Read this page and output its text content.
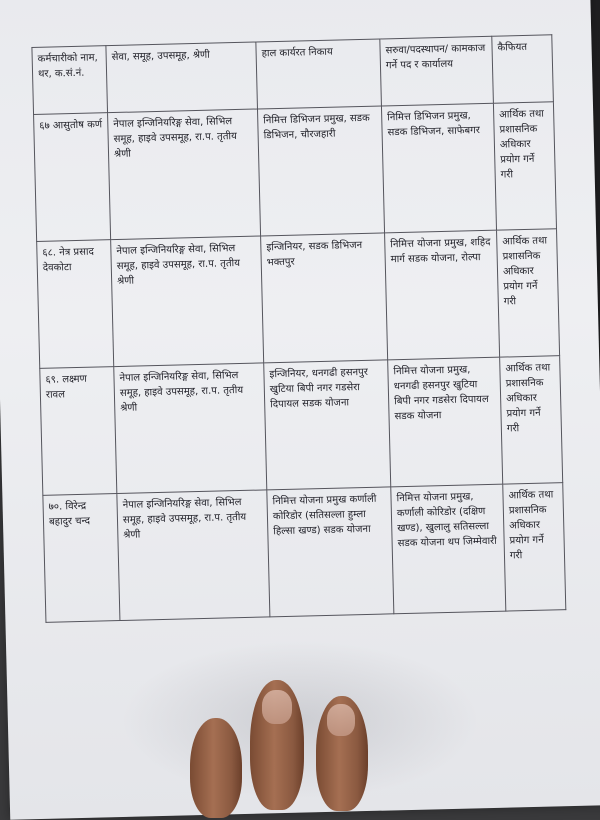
कर्मचारीको नाम, थर, क.सं.नं.	सेवा, समूह, उपसमूह, श्रेणी	हाल कार्यरत निकाय	सरुवा/पदस्थापन/ कामकाज गर्ने पद र कार्यालय	कैफियत
६७ आसुतोष कर्ण	नेपाल इन्जिनियरिङ्ग सेवा, सिभिल समूह, हाइवे उपसमूह, रा.प. तृतीय श्रेणी	निमित्त डिभिजन प्रमुख, सडक डिभिजन, चौरजहारी	निमित्त डिभिजन प्रमुख, सडक डिभिजन, साफेबगर	आर्थिक तथा प्रशासनिक अधिकार प्रयोग गर्ने गरी
६८. नेत्र प्रसाद देवकोटा	नेपाल इन्जिनियरिङ्ग सेवा, सिभिल समूह, हाइवे उपसमूह, रा.प. तृतीय श्रेणी	इन्जिनियर, सडक डिभिजन भक्तपुर	निमित्त योजना प्रमुख, शहिद मार्ग सडक योजना, रोल्पा	आर्थिक तथा प्रशासनिक अधिकार प्रयोग गर्ने गरी
६९. लक्ष्मण रावल	नेपाल इन्जिनियरिङ्ग सेवा, सिभिल समूह, हाइवे उपसमूह, रा.प. तृतीय श्रेणी	इन्जिनियर, धनगढी हसनपुर खुटिया बिपी नगर गडसेरा दिपायल सडक योजना	निमित्त योजना प्रमुख, धनगढी हसनपुर खुटिया बिपी नगर गडसेरा दिपायल सडक योजना	आर्थिक तथा प्रशासनिक अधिकार प्रयोग गर्ने गरी
७०. विरेन्द्र बहादुर चन्द	नेपाल इन्जिनियरिङ्ग सेवा, सिभिल समूह, हाइवे उपसमूह, रा.प. तृतीय श्रेणी	निमित्त योजना प्रमुख कर्णाली कोरिडोर (सतिसल्ला हुम्ला हिल्सा खण्ड) सडक योजना	निमित्त योजना प्रमुख, कर्णाली कोरिडोर (दक्षिण खण्ड), खुलालु सतिसल्ला सडक योजना थप जिम्मेवारी	आर्थिक तथा प्रशासनिक अधिकार प्रयोग गर्ने गरी
